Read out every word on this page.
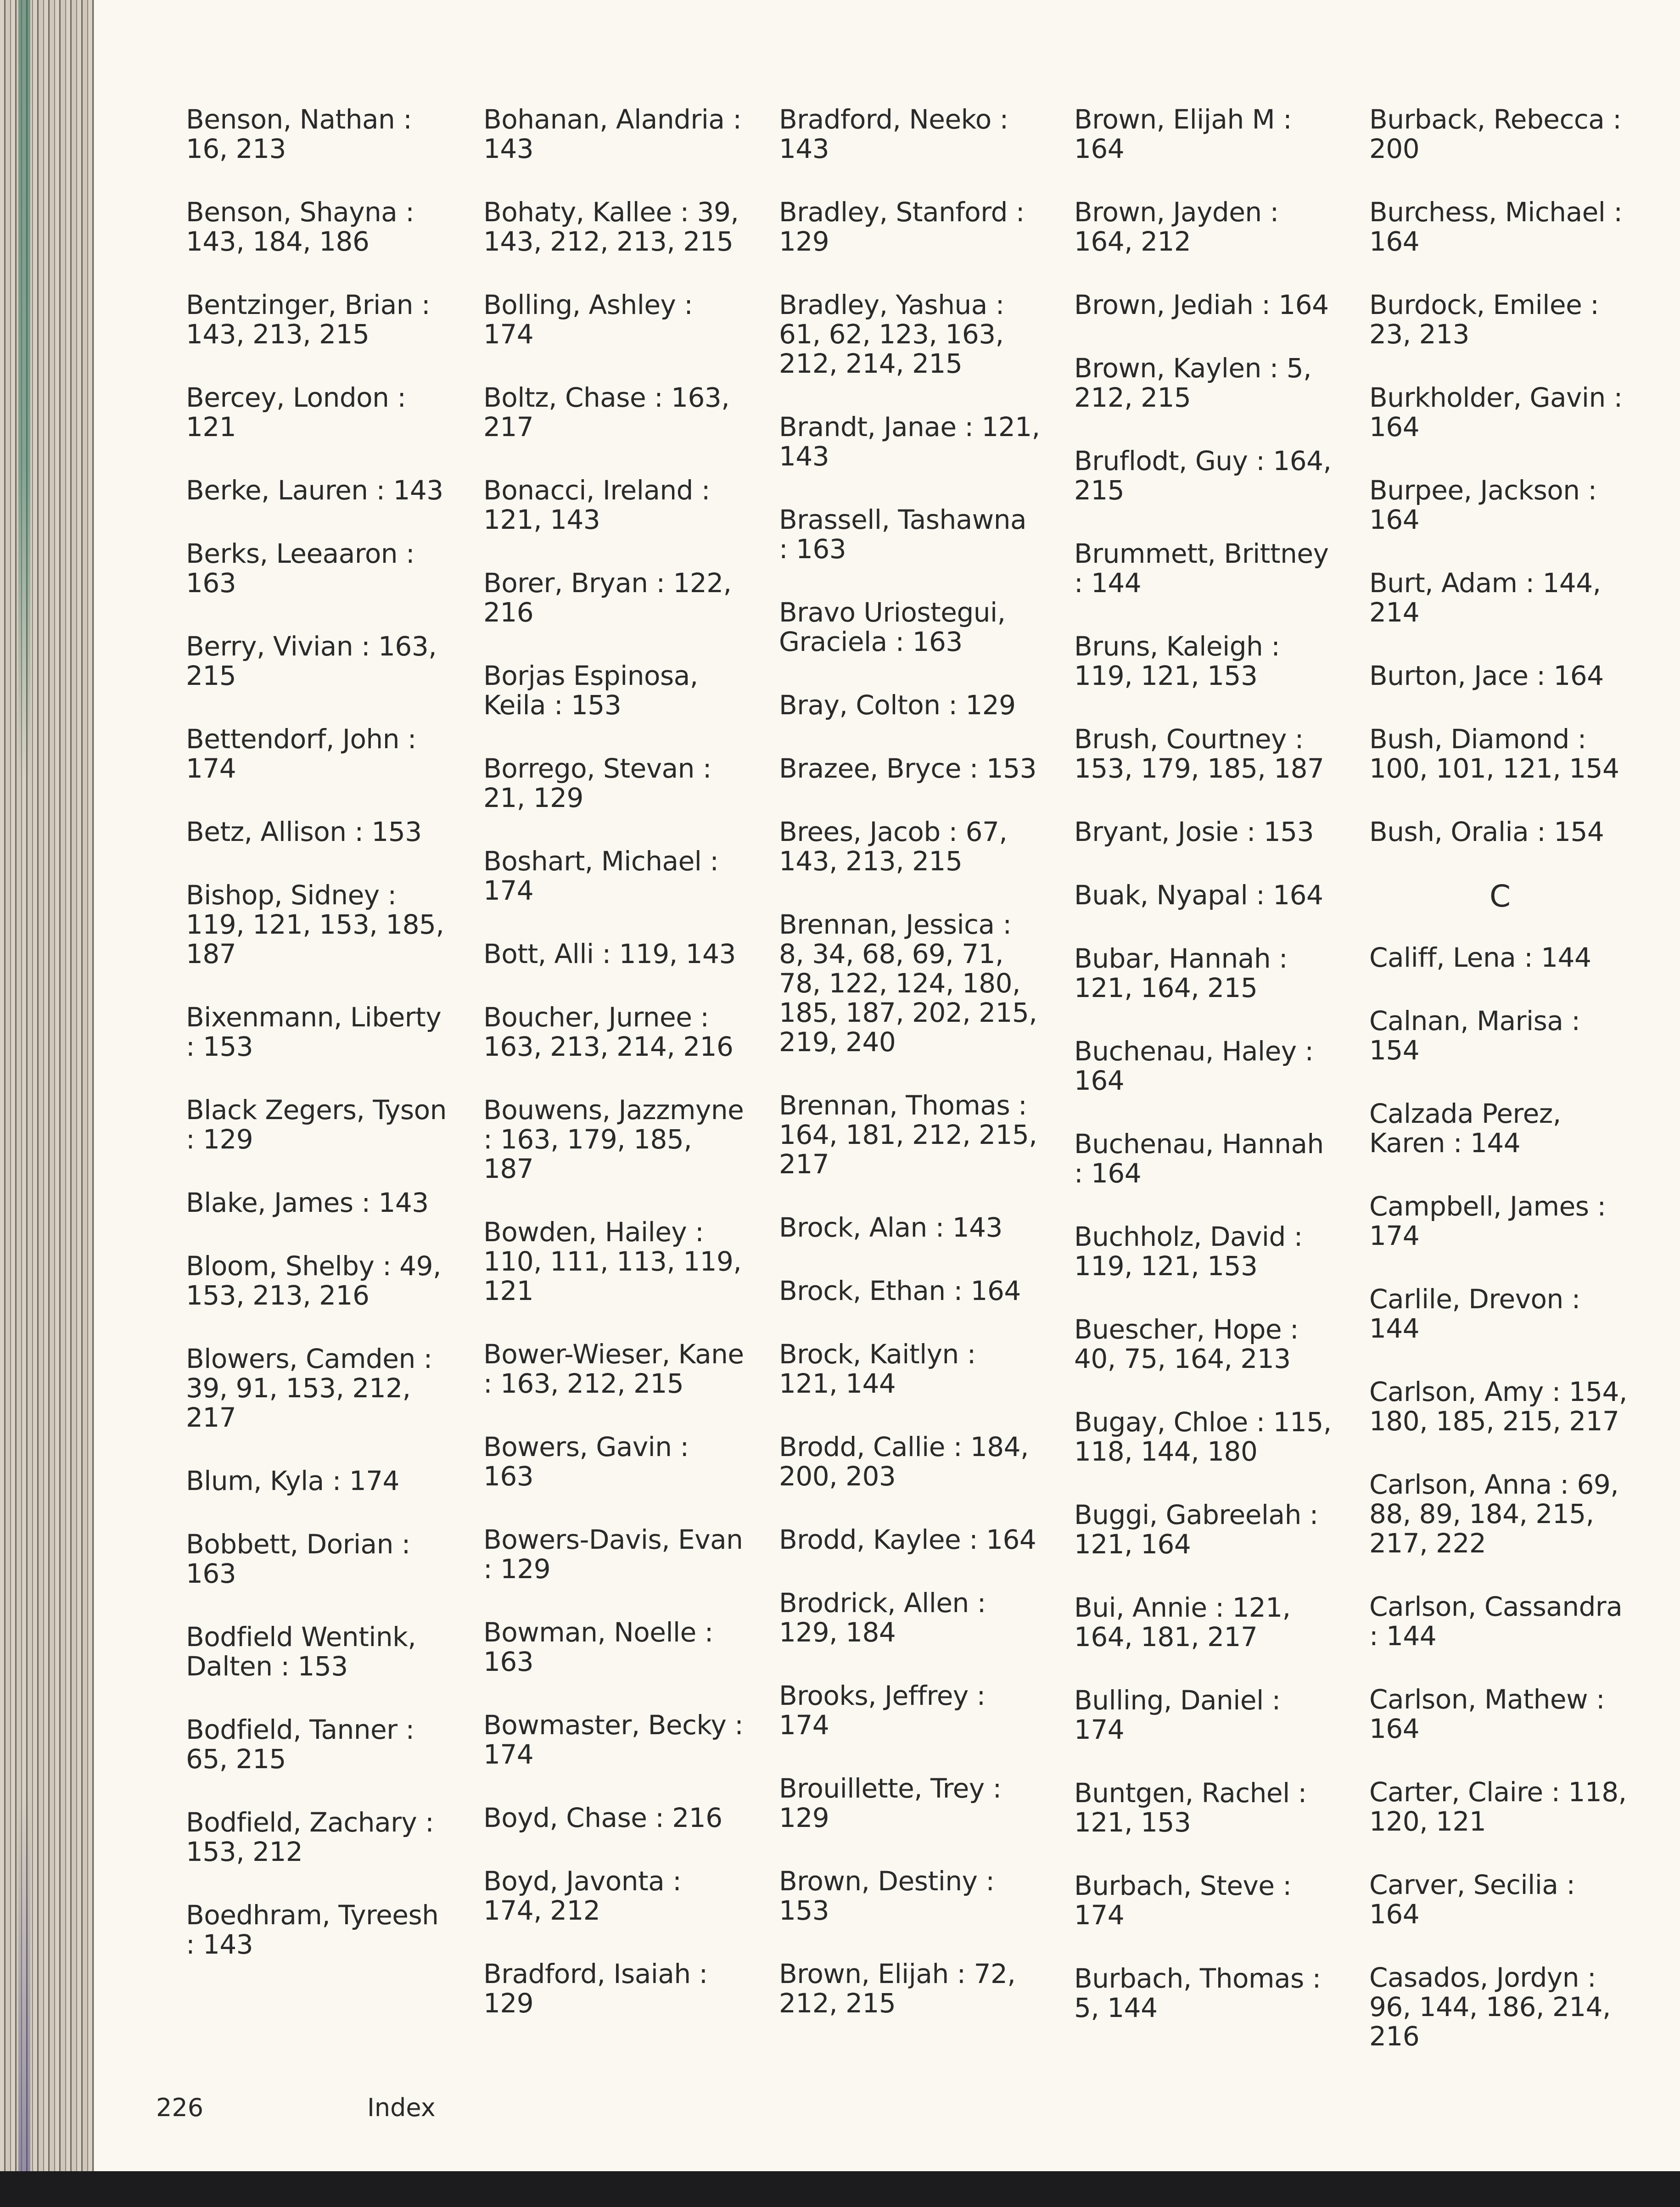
Benson, Nathan : 16, 213
Benson, Shayna : 143, 184, 186
Bentzinger, Brian : 143, 213, 215
Bercey, London : 121
Berke, Lauren : 143
Berks, Leeaaron : 163
Berry, Vivian : 163, 215
Bettendorf, John : 174
Betz, Allison : 153
Bishop, Sidney : 119, 121, 153, 185, 187
Bixenmann, Liberty : 153
Black Zegers, Tyson : 129
Blake, James : 143
Bloom, Shelby : 49, 153, 213, 216
Blowers, Camden : 39, 91, 153, 212, 217
Blum, Kyla : 174
Bobbett, Dorian : 163
Bodfield Wentink, Dalten : 153
Bodfield, Tanner : 65, 215
Bodfield, Zachary : 153, 212
Boedhram, Tyreesh : 143
Bohanan, Alandria : 143
Bohaty, Kallee : 39, 143, 212, 213, 215
Bolling, Ashley : 174
Boltz, Chase : 163, 217
Bonacci, Ireland : 121, 143
Borer, Bryan : 122, 216
Borjas Espinosa, Keila : 153
Borrego, Stevan : 21, 129
Boshart, Michael : 174
Bott, Alli : 119, 143
Boucher, Jurnee : 163, 213, 214, 216
Bouwens, Jazzmyne : 163, 179, 185, 187
Bowden, Hailey : 110, 111, 113, 119, 121
Bower-Wieser, Kane : 163, 212, 215
Bowers, Gavin : 163
Bowers-Davis, Evan : 129
Bowman, Noelle : 163
Bowmaster, Becky : 174
Boyd, Chase : 216
Boyd, Javonta : 174, 212
Bradford, Isaiah : 129
Bradford, Neeko : 143
Bradley, Stanford : 129
Bradley, Yashua : 61, 62, 123, 163, 212, 214, 215
Brandt, Janae : 121, 143
Brassell, Tashawna : 163
Bravo Uriostegui, Graciela : 163
Bray, Colton : 129
Brazee, Bryce : 153
Brees, Jacob : 67, 143, 213, 215
Brennan, Jessica : 8, 34, 68, 69, 71, 78, 122, 124, 180, 185, 187, 202, 215, 219, 240
Brennan, Thomas : 164, 181, 212, 215, 217
Brock, Alan : 143
Brock, Ethan : 164
Brock, Kaitlyn : 121, 144
Brodd, Callie : 184, 200, 203
Brodd, Kaylee : 164
Brodrick, Allen : 129, 184
Brooks, Jeffrey : 174
Brouillette, Trey : 129
Brown, Destiny : 153
Brown, Elijah : 72, 212, 215
Brown, Elijah M : 164
Brown, Jayden : 164, 212
Brown, Jediah : 164
Brown, Kaylen : 5, 212, 215
Bruflodt, Guy : 164, 215
Brummett, Brittney : 144
Bruns, Kaleigh : 119, 121, 153
Brush, Courtney : 153, 179, 185, 187
Bryant, Josie : 153
Buak, Nyapal : 164
Bubar, Hannah : 121, 164, 215
Buchenau, Haley : 164
Buchenau, Hannah : 164
Buchholz, David : 119, 121, 153
Buescher, Hope : 40, 75, 164, 213
Bugay, Chloe : 115, 118, 144, 180
Buggi, Gabreelah : 121, 164
Bui, Annie : 121, 164, 181, 217
Bulling, Daniel : 174
Buntgen, Rachel : 121, 153
Burbach, Steve : 174
Burbach, Thomas : 5, 144
Burback, Rebecca : 200
Burchess, Michael : 164
Burdock, Emilee : 23, 213
Burkholder, Gavin : 164
Burpee, Jackson : 164
Burt, Adam : 144, 214
Burton, Jace : 164
Bush, Diamond : 100, 101, 121, 154
Bush, Oralia : 154
C
Califf, Lena : 144
Calnan, Marisa : 154
Calzada Perez, Karen : 144
Campbell, James : 174
Carlile, Drevon : 144
Carlson, Amy : 154, 180, 185, 215, 217
Carlson, Anna : 69, 88, 89, 184, 215, 217, 222
Carlson, Cassandra : 144
Carlson, Mathew : 164
Carter, Claire : 118, 120, 121
Carver, Secilia : 164
Casados, Jordyn : 96, 144, 186, 214, 216
226	Index
